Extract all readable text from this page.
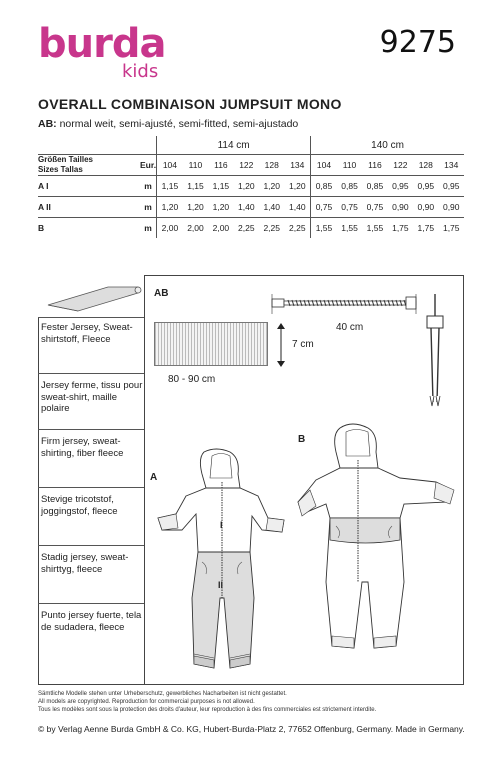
burda
kids
9275
OVERALL COMBINAISON JUMPSUIT MONO
AB: normal weit, semi-ajusté, semi-fitted, semi-ajustado
		114 cm						140 cm					

Größen Tailles
Sizes Tallas	Eur.	104	110	116	122	128	134	104	110	116	122	128	134
A I	m	1,15	1,15	1,15	1,20	1,20	1,20	0,85	0,85	0,85	0,95	0,95	0,95
A II	m	1,20	1,20	1,20	1,40	1,40	1,40	0,75	0,75	0,75	0,90	0,90	0,90
B	m	2,00	2,00	2,00	2,25	2,25	2,25	1,55	1,55	1,55	1,75	1,75	1,75
Fester Jersey, Sweat-shirtstoff, Fleece
Jersey ferme, tissu pour sweat-shirt, maille polaire
Firm jersey, sweat-shirting, fiber fleece
Stevige tricotstof, joggingstof, fleece
Stadig jersey, sweat-shirttyg, fleece
Punto jersey fuerte, tela de sudadera, fleece
AB
80 - 90 cm
7 cm
40 cm
A
B
I
II
Sämtliche Modelle stehen unter Urheberschutz, gewerbliches Nacharbeiten ist nicht gestattet.
All models are copyrighted. Reproduction for commercial purposes is not allowed.
Tous les modèles sont sous la protection des droits d'auteur, leur reproduction à des fins commerciales est strictement interdite.
© by Verlag Aenne Burda GmbH & Co. KG, Hubert-Burda-Platz 2, 77652 Offenburg, Germany. Made in Germany.
